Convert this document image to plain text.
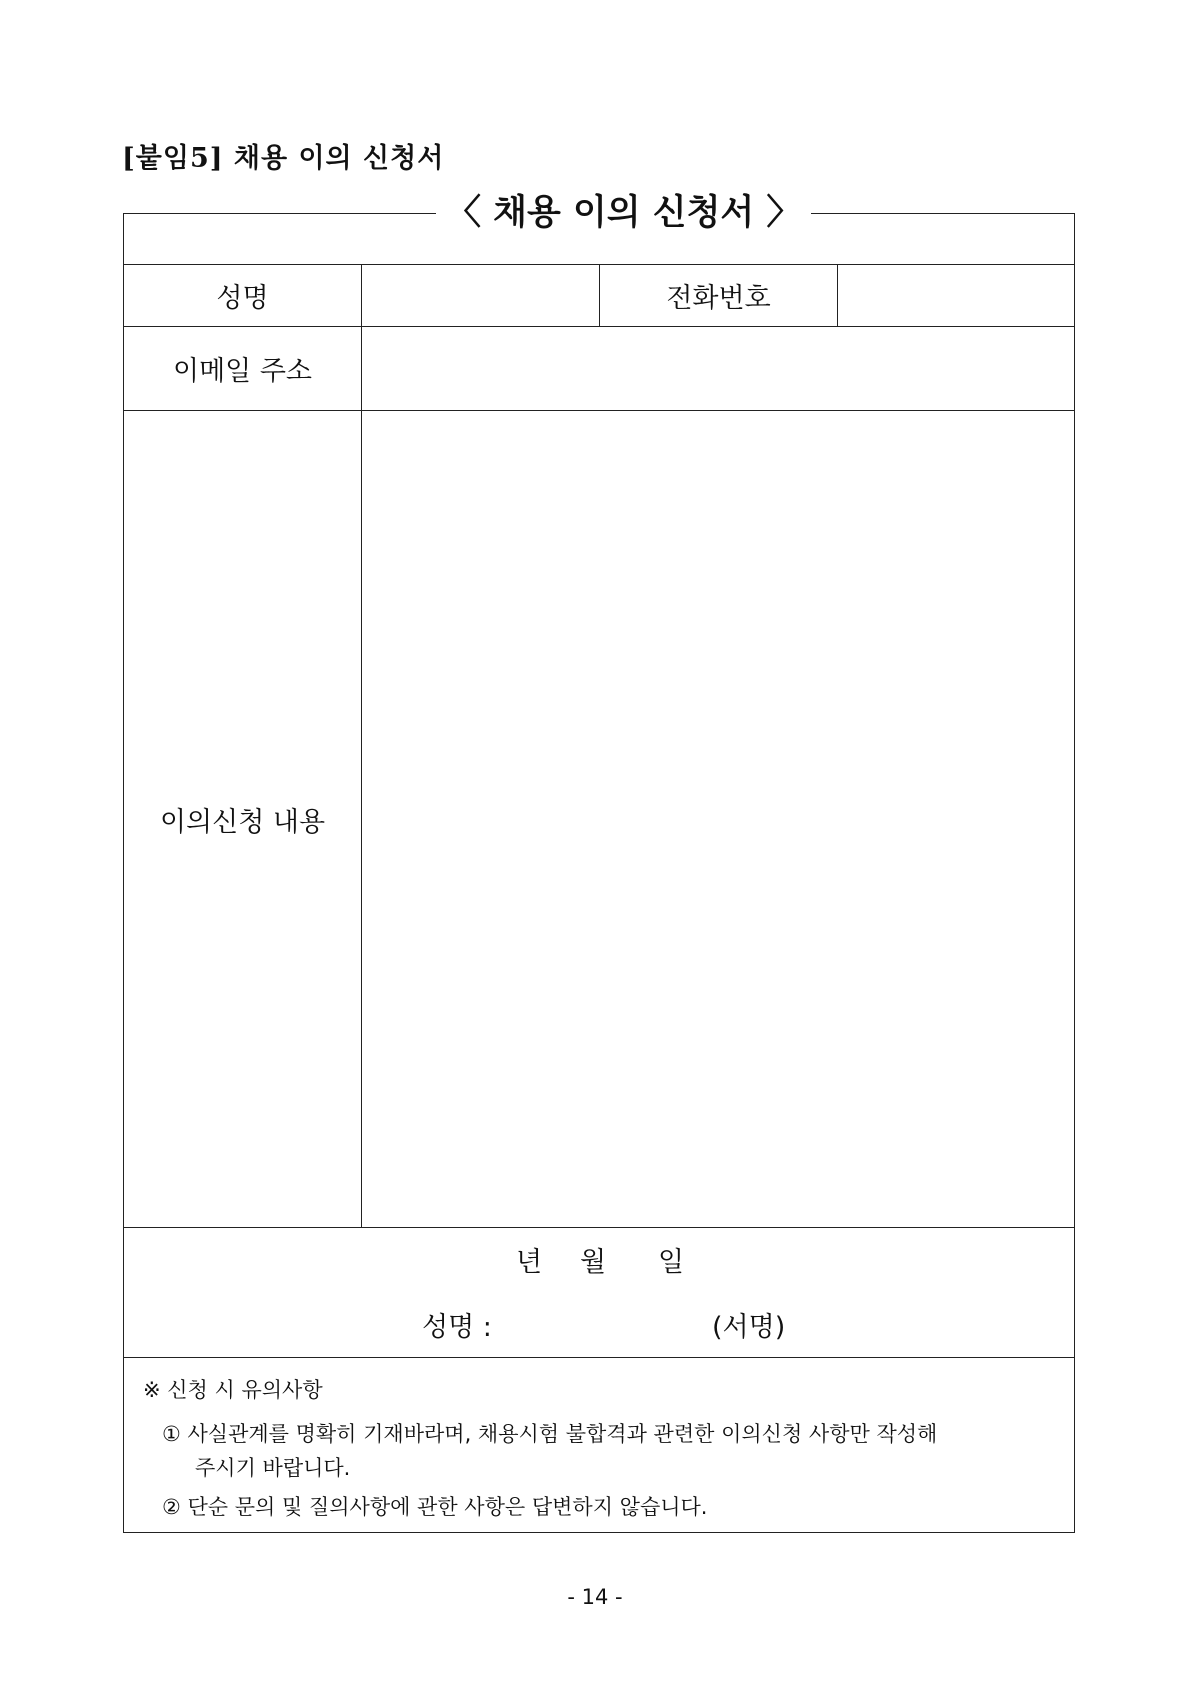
[붙임5] 채용 이의 신청서
〈 채용 이의 신청서 〉
성명	전화번호
이메일 주소
이의신청 내용
년 월 일
성명 :	(서명)
※ 신청 시 유의사항
① 사실관계를 명확히 기재바라며, 채용시험 불합격과 관련한 이의신청 사항만 작성해
주시기 바랍니다.
② 단순 문의 및 질의사항에 관한 사항은 답변하지 않습니다.
- 14 -
